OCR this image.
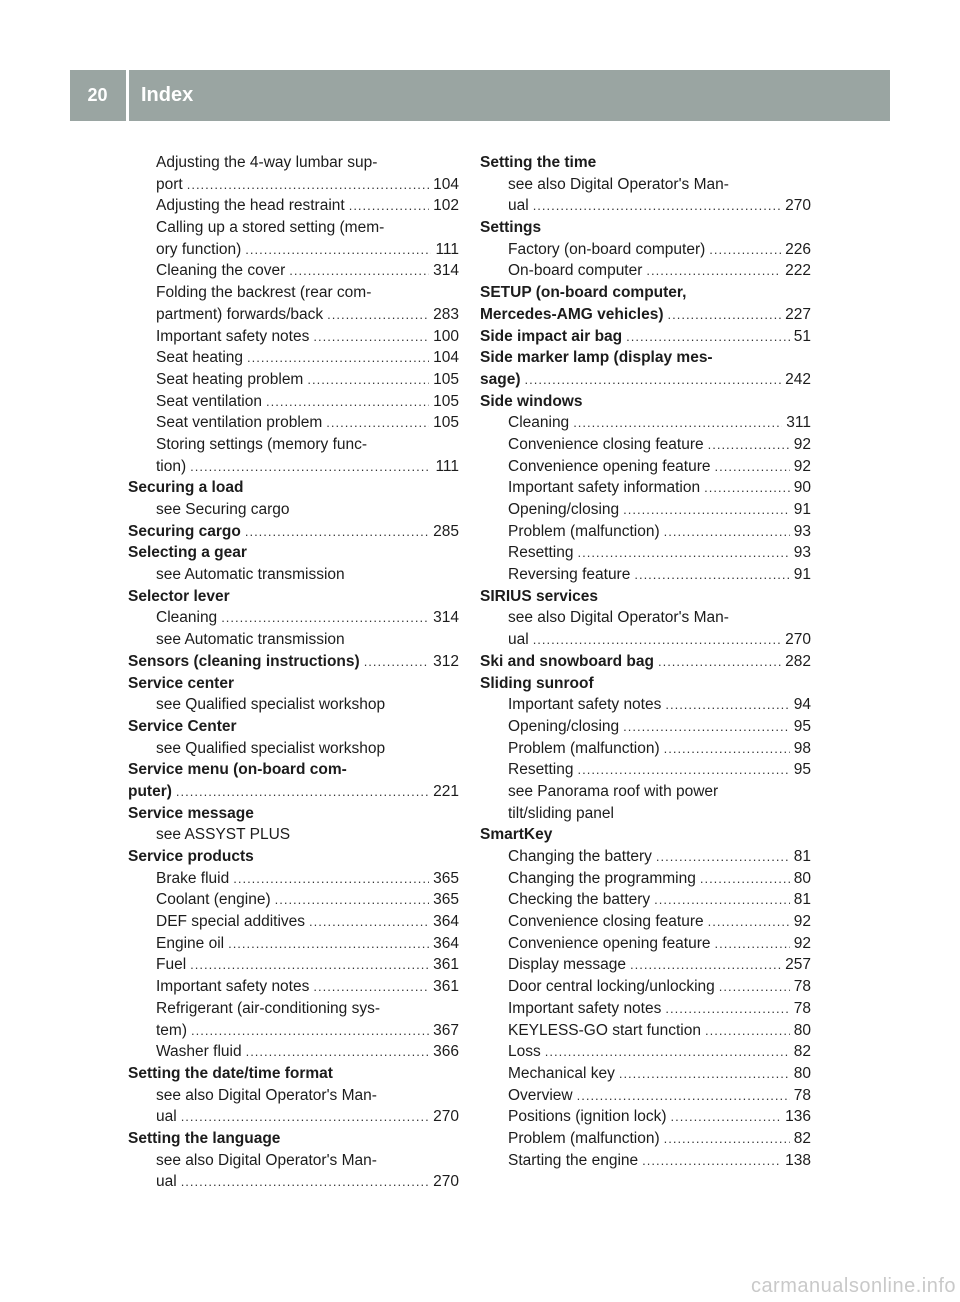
20	Index
Adjusting the 4-way lumbar sup-
port .....	104
Adjusting the head restraint .....	102
Calling up a stored setting (mem-
ory function) .....	111
Cleaning the cover .....	314
Folding the backrest (rear com-
partment) forwards/back .....	283
Important safety notes .....	100
Seat heating .....	104
Seat heating problem .....	105
Seat ventilation .....	105
Seat ventilation problem .....	105
Storing settings (memory func-
tion) .....	111
Securing a load
see Securing cargo
Securing cargo .....	285
Selecting a gear
see Automatic transmission
Selector lever
Cleaning .....	314
see Automatic transmission
Sensors (cleaning instructions) .....	312
Service center
see Qualified specialist workshop
Service Center
see Qualified specialist workshop
Service menu (on-board com-
puter) .....	221
Service message
see ASSYST PLUS
Service products
Brake fluid .....	365
Coolant (engine) .....	365
DEF special additives .....	364
Engine oil .....	364
Fuel .....	361
Important safety notes .....	361
Refrigerant (air-conditioning sys-
tem) .....	367
Washer fluid .....	366
Setting the date/time format
see also Digital Operator's Man-
ual .....	270
Setting the language
see also Digital Operator's Man-
ual .....	270
Setting the time
see also Digital Operator's Man-
ual .....	270
Settings
Factory (on-board computer) .....	226
On-board computer .....	222
SETUP (on-board computer,
Mercedes-AMG vehicles) .....	227
Side impact air bag .....	51
Side marker lamp (display mes-
sage) .....	242
Side windows
Cleaning .....	311
Convenience closing feature .....	92
Convenience opening feature .....	92
Important safety information .....	90
Opening/closing .....	91
Problem (malfunction) .....	93
Resetting .....	93
Reversing feature .....	91
SIRIUS services
see also Digital Operator's Man-
ual .....	270
Ski and snowboard bag .....	282
Sliding sunroof
Important safety notes .....	94
Opening/closing .....	95
Problem (malfunction) .....	98
Resetting .....	95
see Panorama roof with power
tilt/sliding panel
SmartKey
Changing the battery .....	81
Changing the programming .....	80
Checking the battery .....	81
Convenience closing feature .....	92
Convenience opening feature .....	92
Display message .....	257
Door central locking/unlocking .....	78
Important safety notes .....	78
KEYLESS-GO start function .....	80
Loss .....	82
Mechanical key .....	80
Overview .....	78
Positions (ignition lock) .....	136
Problem (malfunction) .....	82
Starting the engine .....	138
carmanualsonline.info
